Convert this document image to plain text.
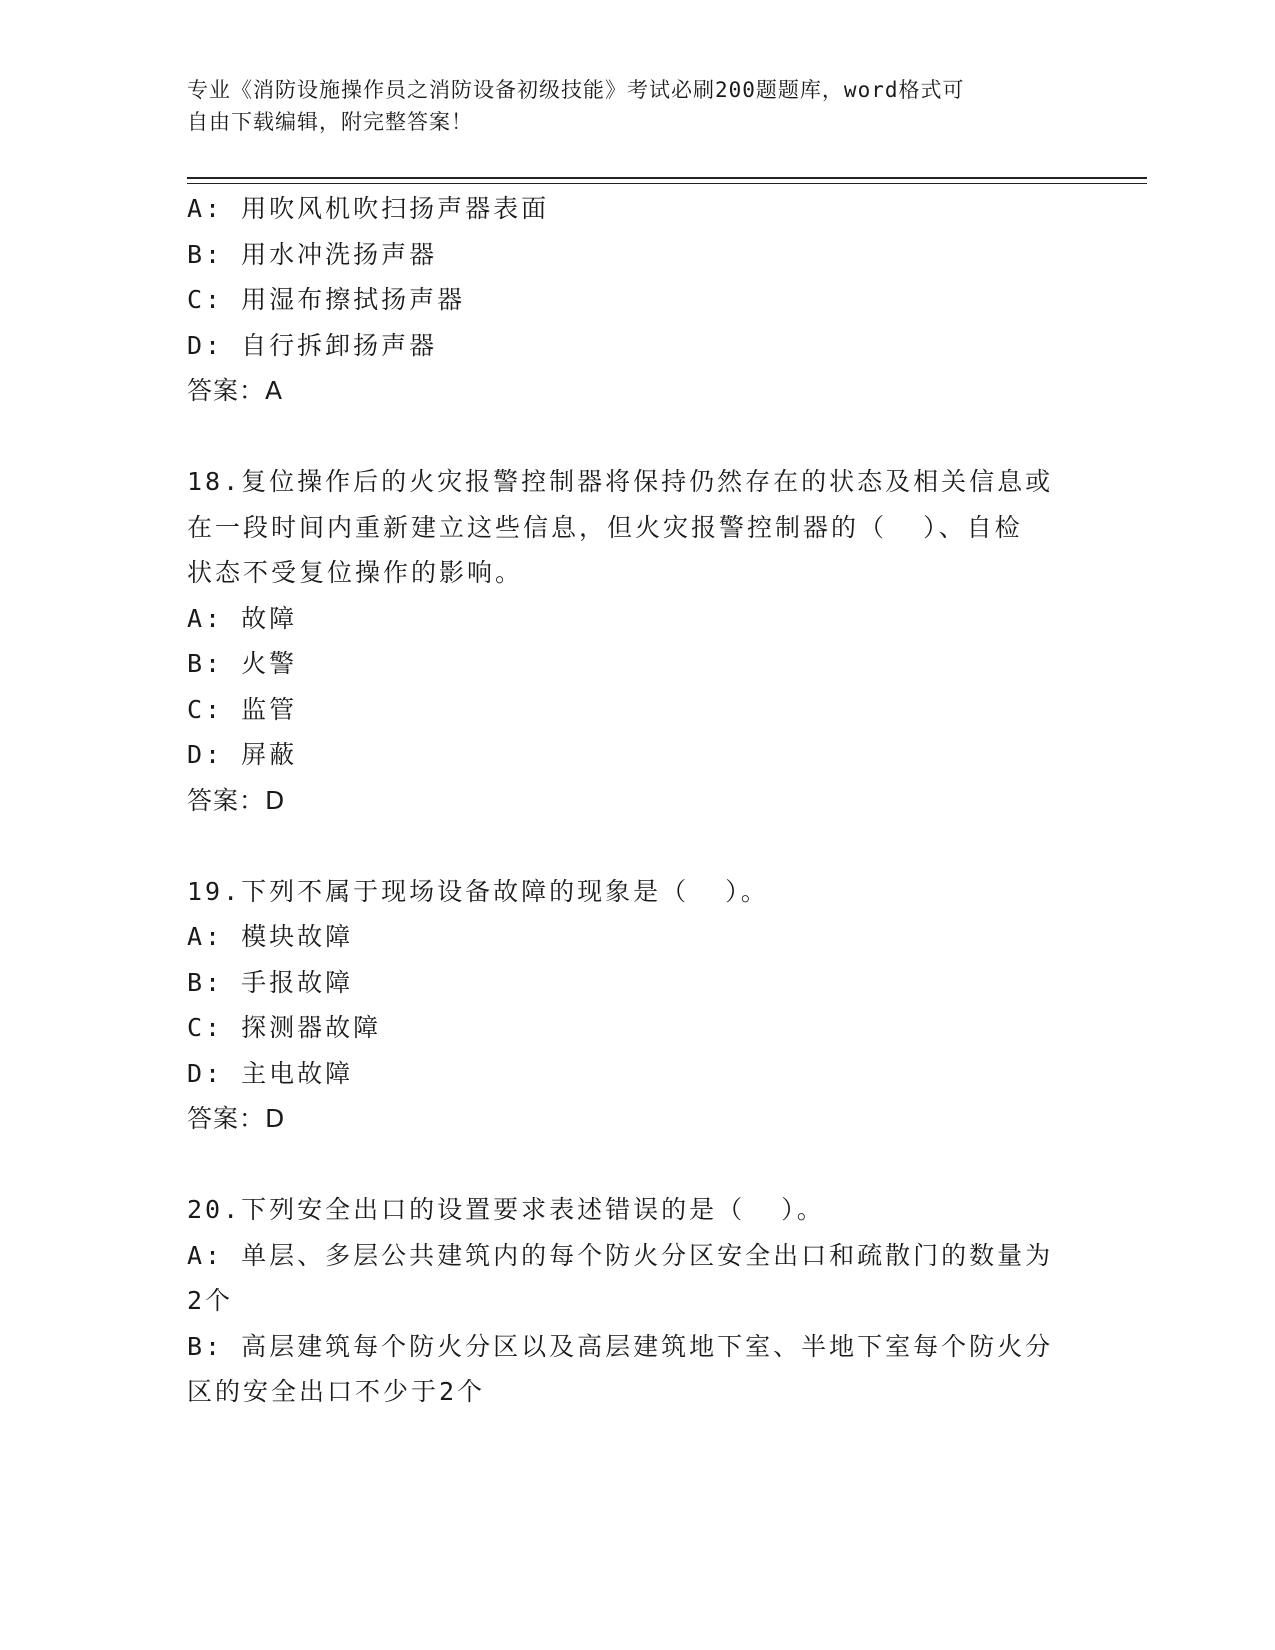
专业《消防设施操作员之消防设备初级技能》考试必刷200题题库，word格式可
自由下载编辑，附完整答案！
A: 用吹风机吹扫扬声器表面
B: 用水冲洗扬声器
C: 用湿布擦拭扬声器
D: 自行拆卸扬声器
答案：A
18.复位操作后的火灾报警控制器将保持仍然存在的状态及相关信息或
在一段时间内重新建立这些信息，但火灾报警控制器的（  ）、自检
状态不受复位操作的影响。
A: 故障
B: 火警
C: 监管
D: 屏蔽
答案：D
19.下列不属于现场设备故障的现象是（  ）。
A: 模块故障
B: 手报故障
C: 探测器故障
D: 主电故障
答案：D
20.下列安全出口的设置要求表述错误的是（  ）。
A: 单层、多层公共建筑内的每个防火分区安全出口和疏散门的数量为
2个
B: 高层建筑每个防火分区以及高层建筑地下室、半地下室每个防火分
区的安全出口不少于2个
